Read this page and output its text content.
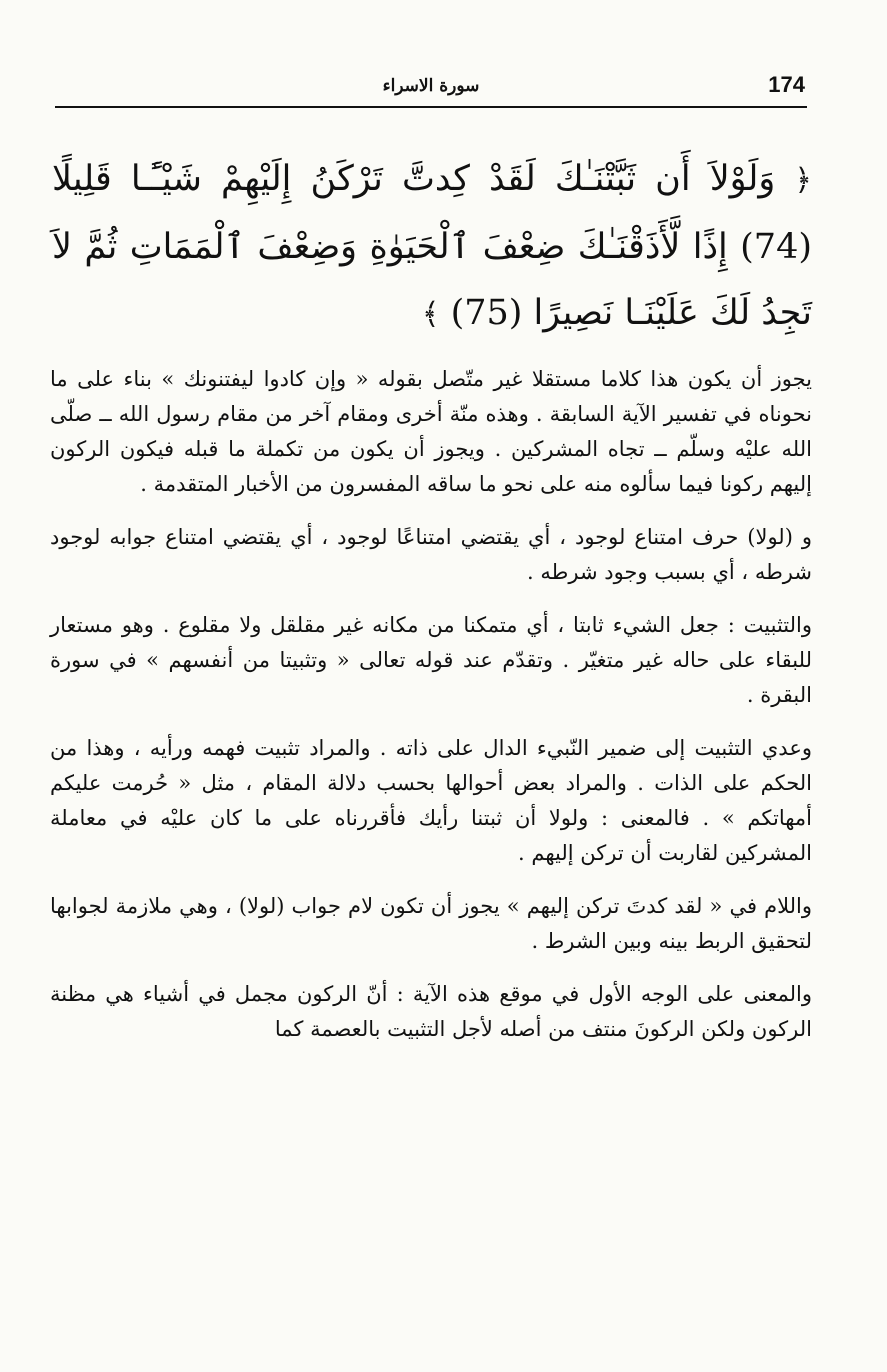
174
سورة الاسراء
﴿ وَلَوْلاَ أَن ثَبَّتْنَـٰكَ لَقَدْ كِدتَّ تَرْكَنُ إِلَيْهِمْ شَيْـًٔـا قَلِيلًا (74) إِذًا لَّأَذَقْنَـٰكَ ضِعْفَ ٱلْحَيَوٰةِ وَضِعْفَ ٱلْمَمَاتِ ثُمَّ لاَ تَجِدُ لَكَ عَلَيْنَـا نَصِيرًا (75) ﴾

يجوز أن يكون هذا كلاما مستقلا غير متّصل بقوله « وإن كادوا ليفتنونك » بناء على ما نحوناه في تفسير الآية السابقة . وهذه منّة أخرى ومقام آخر من مقام رسول الله ــ صلّى الله عليْه وسلّم ــ تجاه المشركين . ويجوز أن يكون من تكملة ما قبله فيكون الركون إليهم ركونا فيما سألوه منه على نحو ما ساقه المفسرون من الأخبار المتقدمة .

و (لولا) حرف امتناع لوجود ، أي يقتضي امتناعًا لوجود ، أي يقتضي امتناع جوابه لوجود شرطه ، أي بسبب وجود شرطه .

والتثبيت : جعل الشيء ثابتا ، أي متمكنا من مكانه غير مقلقل ولا مقلوع . وهو مستعار للبقاء على حاله غير متغيّر . وتقدّم عند قوله تعالى « وتثبيتا من أنفسهم » في سورة البقرة .

وعدي التثبيت إلى ضمير النّبيء الدال على ذاته . والمراد تثبيت فهمه ورأيه ، وهذا من الحكم على الذات . والمراد بعض أحوالها بحسب دلالة المقام ، مثل « حُرمت عليكم أمهاتكم » . فالمعنى : ولولا أن ثبتنا رأيك فأقررناه على ما كان عليْه في معاملة المشركين لقاربت أن تركن إليهم .

واللام في « لقد كدتَ تركن إليهم » يجوز أن تكون لام جواب (لولا) ، وهي ملازمة لجوابها لتحقيق الربط بينه وبين الشرط .

والمعنى على الوجه الأول في موقع هذه الآية : أنّ الركون مجمل في أشياء هي مظنة الركون ولكن الركونَ منتف من أصله لأجل التثبيت بالعصمة كما
